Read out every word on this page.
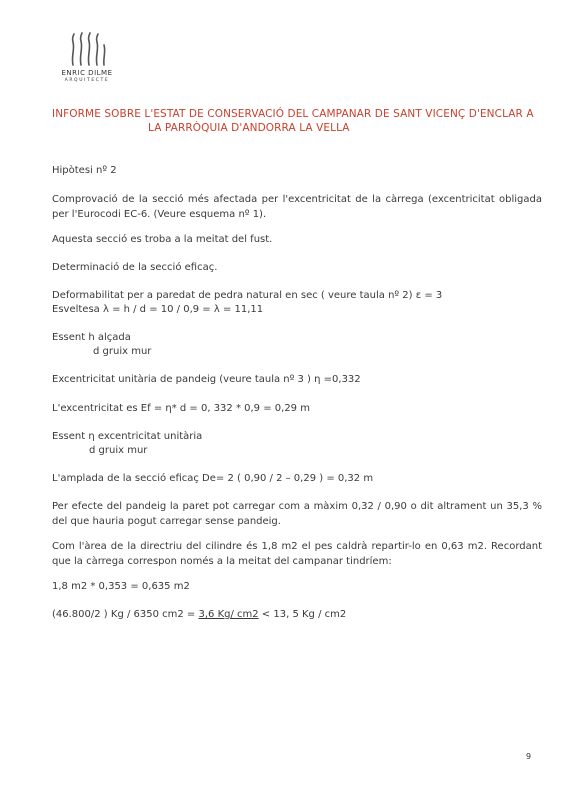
ENRIC DILME
ARQUITECTE
INFORME SOBRE L'ESTAT DE CONSERVACIÓ DEL CAMPANAR DE SANT VICENÇ D'ENCLAR A
LA PARRÒQUIA D'ANDORRA LA VELLA

Hipòtesi nº 2

Comprovació de la secció més afectada per l'excentricitat de la càrrega (excentricitat obligada per l'Eurocodi EC-6. (Veure esquema nº 1).

Aquesta secció es troba a la meitat del fust.

Determinació de la secció eficaç.

Deformabilitat per a paredat de pedra natural en sec ( veure taula nº 2) ε = 3

Esveltesa λ = h / d = 10 / 0,9 = λ = 11,11

Essent h alçada

d gruix mur

Excentricitat unitària de pandeig (veure taula nº 3 ) η =0,332

L'excentricitat es Ef = η* d = 0, 332 * 0,9 = 0,29 m

Essent η excentricitat unitària

d gruix mur

L'amplada de la secció eficaç De= 2 ( 0,90 / 2 – 0,29 ) = 0,32 m

Per efecte del pandeig la paret pot carregar com a màxim 0,32 / 0,90 o dit altrament un 35,3 % del que hauria pogut carregar sense pandeig.

Com l'àrea de la directriu del cilindre és 1,8 m2 el pes caldrà repartir-lo en 0,63 m2. Recordant que la càrrega correspon només a la meitat del campanar tindríem:

1,8 m2 * 0,353 = 0,635 m2

(46.800/2 ) Kg / 6350 cm2 = 3,6 Kg/ cm2 < 13, 5 Kg / cm2

9
